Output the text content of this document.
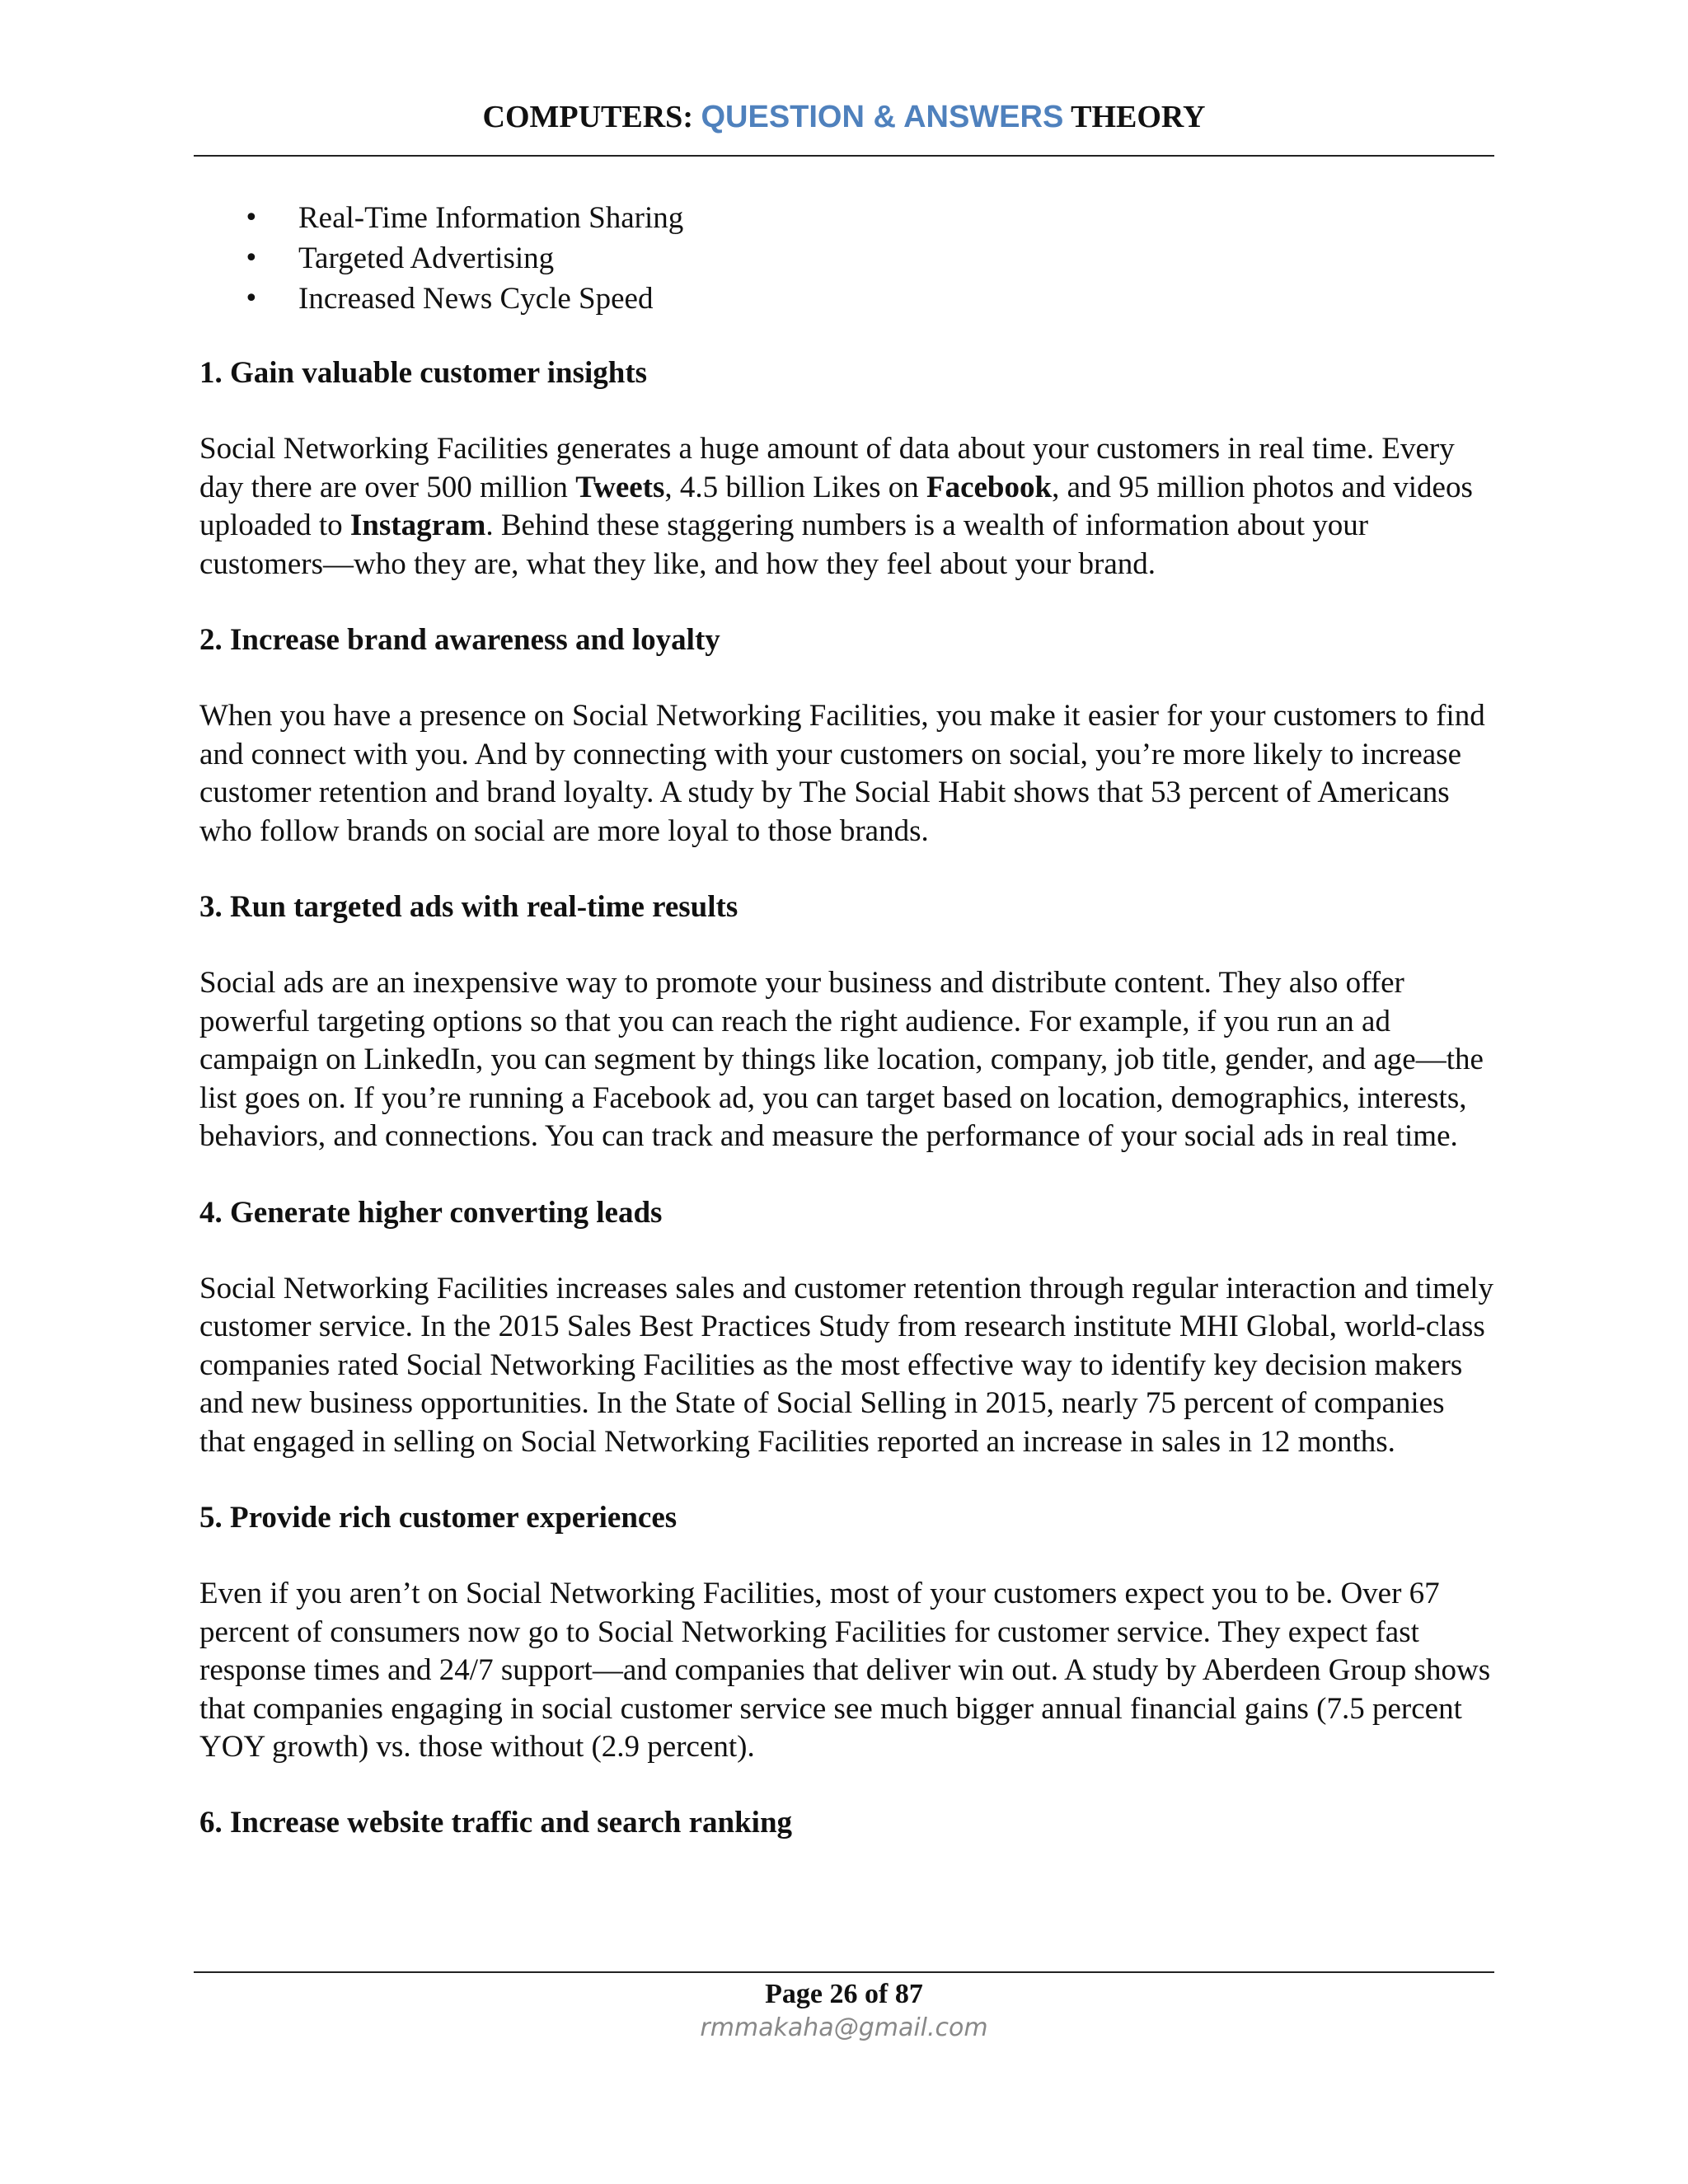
COMPUTERS: QUESTION & ANSWERS THEORY
• Real-Time Information Sharing
• Targeted Advertising
• Increased News Cycle Speed
1. Gain valuable customer insights

Social Networking Facilities generates a huge amount of data about your customers in real time. Every day there are over 500 million Tweets, 4.5 billion Likes on Facebook, and 95 million photos and videos uploaded to Instagram. Behind these staggering numbers is a wealth of information about your customers—who they are, what they like, and how they feel about your brand.

2. Increase brand awareness and loyalty

When you have a presence on Social Networking Facilities, you make it easier for your customers to find and connect with you. And by connecting with your customers on social, you’re more likely to increase customer retention and brand loyalty. A study by The Social Habit shows that 53 percent of Americans who follow brands on social are more loyal to those brands.

3. Run targeted ads with real-time results

Social ads are an inexpensive way to promote your business and distribute content. They also offer powerful targeting options so that you can reach the right audience. For example, if you run an ad campaign on LinkedIn, you can segment by things like location, company, job title, gender, and age—the list goes on. If you’re running a Facebook ad, you can target based on location, demographics, interests, behaviors, and connections. You can track and measure the performance of your social ads in real time.

4. Generate higher converting leads

Social Networking Facilities increases sales and customer retention through regular interaction and timely customer service. In the 2015 Sales Best Practices Study from research institute MHI Global, world-class companies rated Social Networking Facilities as the most effective way to identify key decision makers and new business opportunities. In the State of Social Selling in 2015, nearly 75 percent of companies that engaged in selling on Social Networking Facilities reported an increase in sales in 12 months.

5. Provide rich customer experiences

Even if you aren’t on Social Networking Facilities, most of your customers expect you to be. Over 67 percent of consumers now go to Social Networking Facilities for customer service. They expect fast response times and 24/7 support—and companies that deliver win out. A study by Aberdeen Group shows that companies engaging in social customer service see much bigger annual financial gains (7.5 percent YOY growth) vs. those without (2.9 percent).

6. Increase website traffic and search ranking
Page 26 of 87
rmmakaha@gmail.com
